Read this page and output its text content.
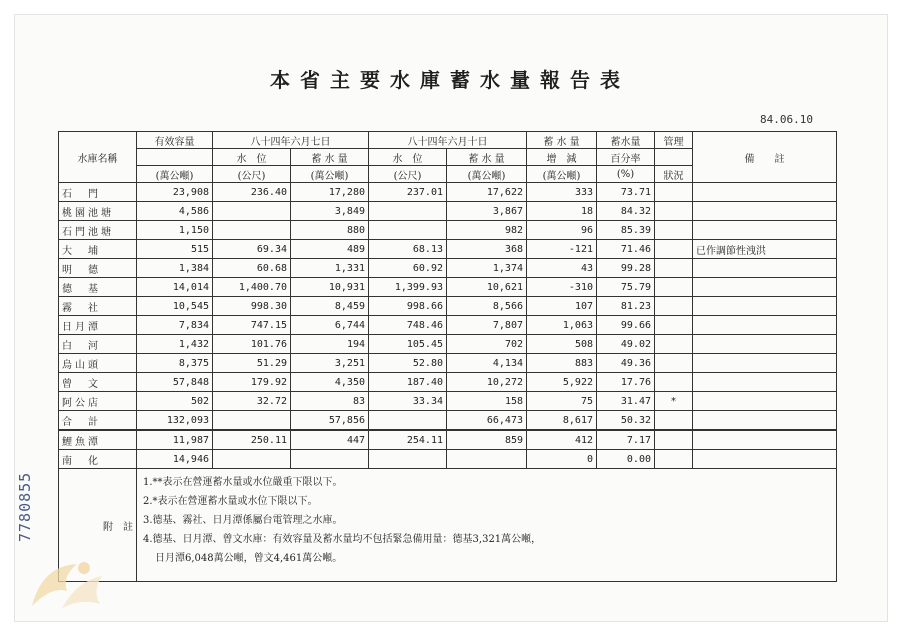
本省主要水庫蓄水量報告表
84.06.10
水庫名稱	有效容量	八十四年六月七日		八十四年六月十日		蓄 水 量	蓄水量	管理	備　　註
		水　位	蓄 水 量	水　位	蓄 水 量	增　減	百分率		
	(萬公噸)	(公尺)	(萬公噸)	(公尺)	(萬公噸)	(萬公噸)	(%)	狀況	
石　門	23,908	236.40	17,280	237.01	17,622	333	73.71		
桃園池塘	4,586		3,849		3,867	18	84.32		
石門池塘	1,150		880		982	96	85.39		
大　埔	515	69.34	489	68.13	368	-121	71.46		已作調節性洩洪
明　德	1,384	60.68	1,331	60.92	1,374	43	99.28		
德　基	14,014	1,400.70	10,931	1,399.93	10,621	-310	75.79		
霧　社	10,545	998.30	8,459	998.66	8,566	107	81.23		
日月潭	7,834	747.15	6,744	748.46	7,807	1,063	99.66		
白　河	1,432	101.76	194	105.45	702	508	49.02		
烏山頭	8,375	51.29	3,251	52.80	4,134	883	49.36		
曾　文	57,848	179.92	4,350	187.40	10,272	5,922	17.76		
阿公店	502	32.72	83	33.34	158	75	31.47	*	
合　計	132,093		57,856		66,473	8,617	50.32		
鯉魚潭	11,987	250.11	447	254.11	859	412	7.17		
南　化	14,946					0	0.00		
附　註	1.**表示在營運蓄水量或水位嚴重下限以下。
2.*表示在營運蓄水量或水位下限以下。
3.德基、霧社、日月潭係屬台電管理之水庫。
4.德基、日月潭、曾文水庫：有效容量及蓄水量均不包括緊急備用量：德基3,321萬公噸，
日月潭6,048萬公噸，曾文4,461萬公噸。								
7780855
